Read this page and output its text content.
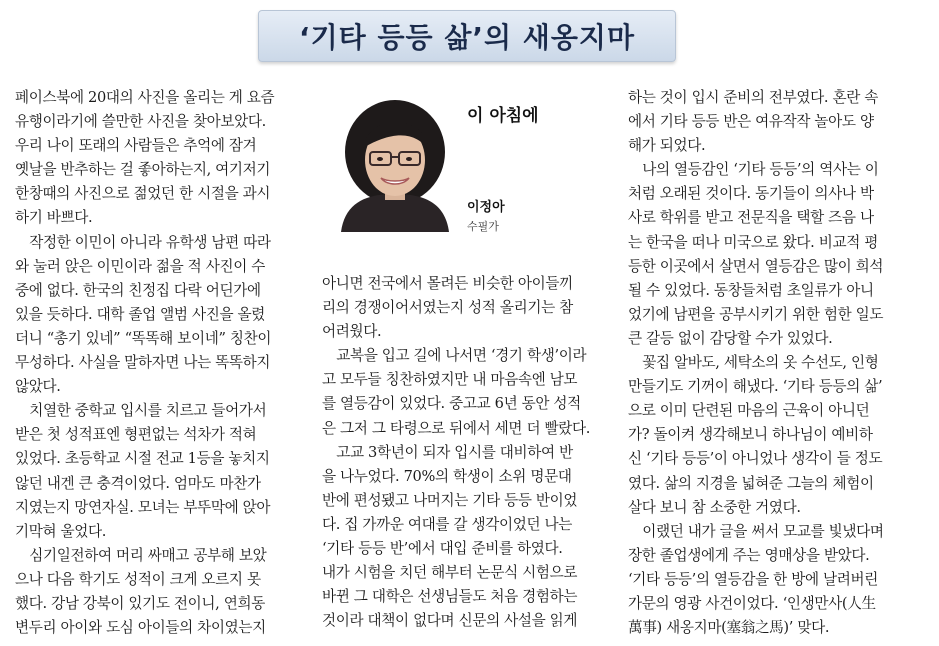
‘기타 등등 삶’의 새옹지마
페이스북에 20대의 사진을 올리는 게 요즘
유행이라기에 쓸만한 사진을 찾아보았다.
우리 나이 또래의 사람들은 추억에 잠겨
옛날을 반추하는 걸 좋아하는지, 여기저기
한창때의 사진으로 젊었던 한 시절을 과시
하기 바쁘다.
　작정한 이민이 아니라 유학생 남편 따라
와 눌러 앉은 이민이라 젊을 적 사진이 수
중에 없다. 한국의 친정집 다락 어딘가에
있을 듯하다. 대학 졸업 앨범 사진을 올렸
더니 “총기 있네” “똑똑해 보이네” 칭찬이
무성하다. 사실을 말하자면 나는 똑똑하지
않았다.
　치열한 중학교 입시를 치르고 들어가서
받은 첫 성적표엔 형편없는 석차가 적혀
있었다. 초등학교 시절 전교 1등을 놓치지
않던 내겐 큰 충격이었다. 엄마도 마찬가
지였는지 망연자실. 모녀는 부뚜막에 앉아
기막혀 울었다.
　심기일전하여 머리 싸매고 공부해 보았
으나 다음 학기도 성적이 크게 오르지 못
했다. 강남 강북이 있기도 전이니, 연희동
변두리 아이와 도심 아이들의 차이였는지
이 아침에
이정아
수필가
아니면 전국에서 몰려든 비슷한 아이들끼
리의 경쟁이어서였는지 성적 올리기는 참
어려웠다.
　교복을 입고 길에 나서면 ‘경기 학생’이라
고 모두들 칭찬하였지만 내 마음속엔 남모
를 열등감이 있었다. 중고교 6년 동안 성적
은 그저 그 타령으로 뒤에서 세면 더 빨랐다.
　고교 3학년이 되자 입시를 대비하여 반
을 나누었다. 70%의 학생이 소위 명문대
반에 편성됐고 나머지는 기타 등등 반이었
다. 집 가까운 여대를 갈 생각이었던 나는
‘기타 등등 반’에서 대입 준비를 하였다.
내가 시험을 치던 해부터 논문식 시험으로
바뀐 그 대학은 선생님들도 처음 경험하는
것이라 대책이 없다며 신문의 사설을 읽게
하는 것이 입시 준비의 전부였다. 혼란 속
에서 기타 등등 반은 여유작작 놀아도 양
해가 되었다.
　나의 열등감인 ‘기타 등등’의 역사는 이
처럼 오래된 것이다. 동기들이 의사나 박
사로 학위를 받고 전문직을 택할 즈음 나
는 한국을 떠나 미국으로 왔다. 비교적 평
등한 이곳에서 살면서 열등감은 많이 희석
될 수 있었다. 동창들처럼 초일류가 아니
었기에 남편을 공부시키기 위한 험한 일도
큰 갈등 없이 감당할 수가 있었다.
　꽃집 알바도, 세탁소의 옷 수선도, 인형
만들기도 기꺼이 해냈다. ‘기타 등등의 삶’
으로 이미 단련된 마음의 근육이 아니던
가? 돌이켜 생각해보니 하나님이 예비하
신 ‘기타 등등’이 아니었나 생각이 들 정도
였다. 삶의 지경을 넓혀준 그늘의 체험이
살다 보니 참 소중한 거였다.
　이랬던 내가 글을 써서 모교를 빛냈다며
장한 졸업생에게 주는 영매상을 받았다.
‘기타 등등’의 열등감을 한 방에 날려버린
가문의 영광 사건이었다. ‘인생만사(人生
萬事) 새옹지마(塞翁之馬)’ 맞다.
